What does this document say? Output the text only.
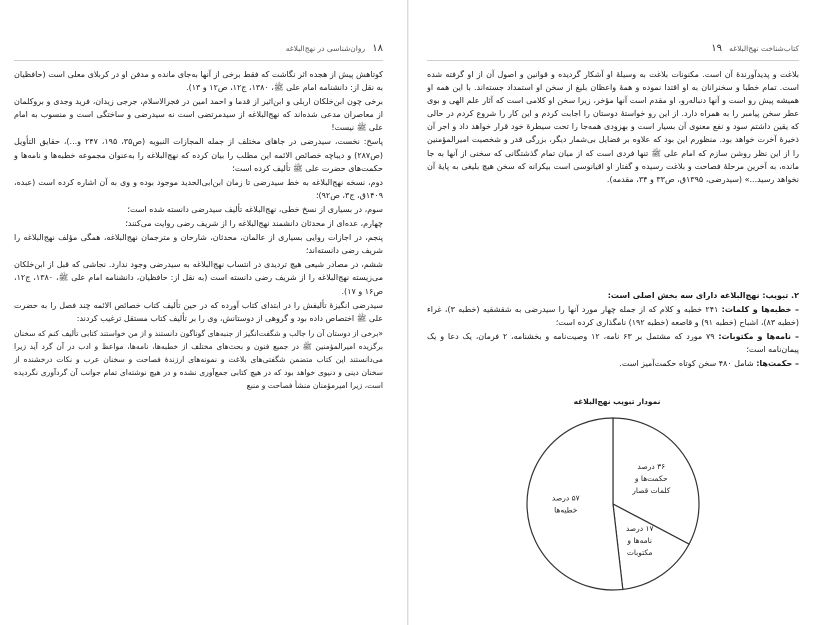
۱۸   روان‌شناسی در نهج‌البلاغه

کوتاهش پیش از هجده اثر نگاشت که فقط برخی از آنها به‌جای مانده و مدفن او در کربلای معلی است (حافظیان به نقل از: دانشنامه امام علی ﷺ، ۱۳۸۰، ج۱۲، ص۱۲ و ۱۳).

برخی چون ابن‌خلکان اربلی و ابن‌اثیر از قدما و احمد امین در فجرالاسلام، جرجی زیدان، فرید وجدی و بروکلمان از معاصران مدعی شده‌اند که نهج‌البلاغه از سیدمرتضی است نه سیدرضی و ساختگی است و منسوب به امام علی ﷺ نیست!

پاسخ: نخست، سیدرضی در جاهای مختلف از جمله المجازات النبویه (ص۳۵، ۱۹۵، ۲۴۷ و...)، حقایق التأویل (ص۲۸۷) و دیباچه خصائص الائمه این مطلب را بیان کرده که نهج‌البلاغه را به‌عنوان مجموعه خطبه‌ها و نامه‌ها و حکمت‌های حضرت علی ﷺ تألیف کرده است؛

دوم، نسخه نهج‌البلاغه به خط سیدرضی تا زمان ابن‌ابی‌الحدید موجود بوده و وی به آن اشاره کرده است (عبده، ۱۴۰۹ق، ج۳، ص۹۲)؛

سوم، در بسیاری از نسخ خطی، نهج‌البلاغه تألیف سیدرضی دانسته شده است؛

چهارم، عده‌ای از محدثان دانشمند نهج‌البلاغه را از شریف رضی روایت می‌کنند؛

پنجم، در اجازات روایی بسیاری از عالمان، محدثان، شارحان و مترجمان نهج‌البلاغه، همگی مؤلف نهج‌البلاغه را شریف رضی دانسته‌اند؛

ششم، در مصادر شیعی هیچ تردیدی در انتساب نهج‌البلاغه به سیدرضی وجود ندارد. نجاشی که قبل از ابن‌خلکان می‌زیسته نهج‌البلاغه را از شریف رضی دانسته است (به نقل از: حافظیان، دانشنامه امام علی ﷺ، ۱۳۸۰، ج۱۲، ص۱۶ و ۱۷).

سیدرضی انگیزهٔ تألیفش را در ابتدای کتاب آورده که در حین تألیف کتاب خصائص الائمه چند فصل را به حضرت علی ﷺ اختصاص داده بود و گروهی از دوستانش، وی را بر تألیف کتاب مستقل ترغیب کردند:

«برخی از دوستان آن را جالب و شگفت‌انگیز از جنبه‌های گوناگون دانستند و از من خواستند کتابی تألیف کنم که سخنان برگزیده امیرالمؤمنین ﷺ در جمیع فنون و بحث‌های مختلف از خطبه‌ها، نامه‌ها، مواعظ و ادب در آن گرد آید زیرا می‌دانستند این کتاب متضمن شگفتی‌های بلاغت و نمونه‌های ارزندهٔ فصاحت و سخنان عرب و نکات درخشنده از سخنان دینی و دنیوی خواهد بود که در هیچ کتابی جمع‌آوری نشده و در هیچ نوشته‌ای تمام جوانب آن گردآوری نگردیده است، زیرا امیرمؤمنان منشأ فصاحت و منبع

کتاب‌شناخت نهج‌البلاغه   ۱۹

بلاغت و پدیدآورندهٔ آن است. مکنونات بلاغت به وسیلهٔ او آشکار گردیده و قوانین و اصول آن از او گرفته شده است. تمام خطبا و سخنرانان به او اقتدا نموده و همهٔ واعظان بلیغ از سخن او استمداد جسته‌اند. با این همه او همیشه پیش رو است و آنها دنباله‌رو، او مقدم است آنها مؤخر، زیرا سخن او کلامی است که آثار علم الهی و بوی عطر سخن پیامبر را به همراه دارد. از این رو خواستهٔ دوستان را اجابت کردم و این کار را شروع کردم در حالی که یقین داشتم سود و نفع معنوی آن بسیار است و بهزودی همه‌جا را تحت سیطرهٔ خود قرار خواهد داد و اجر آن ذخیرهٔ آخرت خواهد بود. منظورم این بود که علاوه بر فضایل بی‌شمار دیگر، بزرگی قدر و شخصیت امیرالمؤمنین را از این نظر روشن سازم که امام علی ﷺ تنها فردی است که از میان تمام گذشتگانی که سخنی از آنها به جا مانده، به آخرین مرحلهٔ فصاحت و بلاغت رسیده و گفتار او اقیانوسی است بیکرانه که سخن هیچ بلیغی به پایهٔ آن نخواهد رسید...» (سیدرضی، ۱۳۹۵ق، ص۳۳ و ۳۴، مقدمه).

۲. تبویب: نهج‌البلاغه دارای سه بخش اصلی است:

– خطبه‌ها و کلمات: ۲۴۱ خطبه و کلام که از جمله چهار مورد آنها را سیدرضی به شقشقیه (خطبه ۳)، غراء (خطبه ۸۳)، اشباح (خطبه ۹۱) و قاصعه (خطبه ۱۹۲) نامگذاری کرده است؛

– نامه‌ها و مکتوبات: ۷۹ مورد که مشتمل بر ۶۳ نامه، ۱۲ وصیت‌نامه و بخشنامه، ۲ فرمان، یک دعا و یک پیمان‌نامه است؛

– حکمت‌ها: شامل ۴۸۰ سخن کوتاه حکمت‌آمیز است.

نمودار تبویب نهج‌البلاغه
۳۶ درصد حکمت‌ها و کلمات قصار
۱۷ درصد نامه‌ها و مکتوبات
۵۷ درصد خطبه‌ها
